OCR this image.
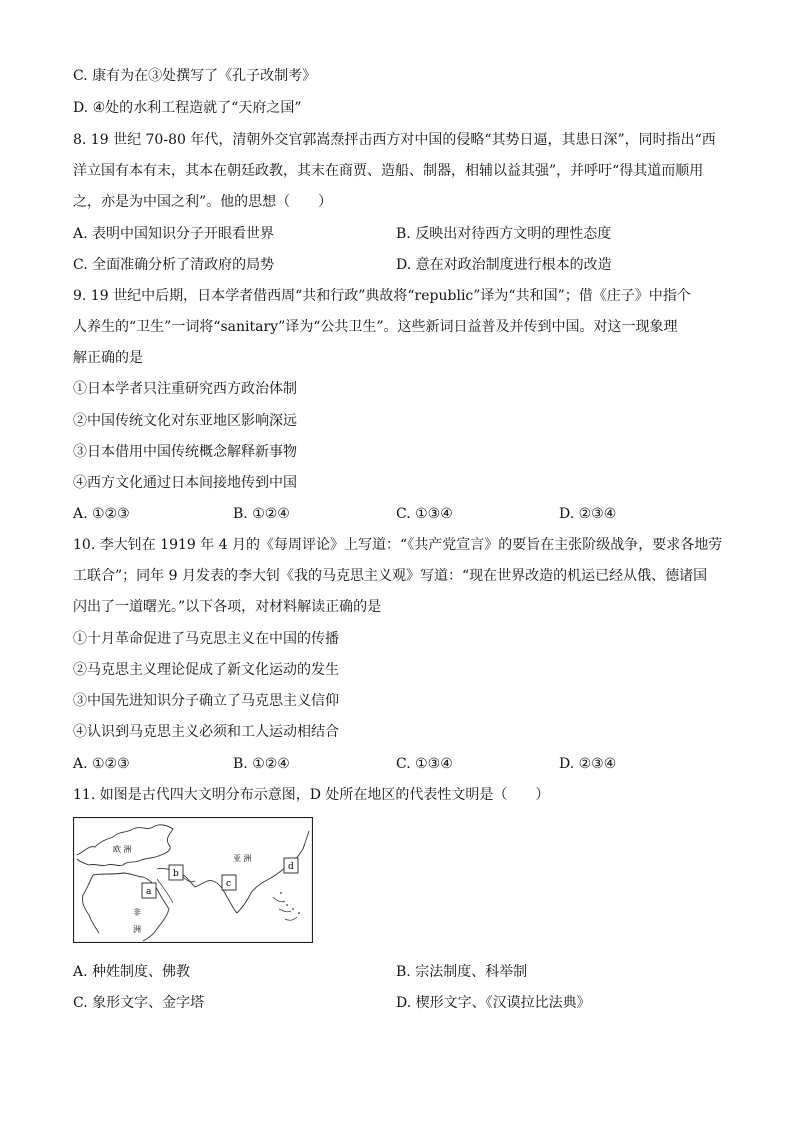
C. 康有为在③处撰写了《孔子改制考》
D. ④处的水利工程造就了“天府之国”
8. 19 世纪 70-80 年代，清朝外交官郭嵩焘抨击西方对中国的侵略“其势日逼，其患日深”，同时指出“西
洋立国有本有末，其本在朝廷政教，其末在商贾、造船、制器，相辅以益其强”，并呼吁“得其道而顺用
之，亦是为中国之利”。他的思想（　　）
A. 表明中国知识分子开眼看世界	B. 反映出对待西方文明的理性态度
C. 全面准确分析了清政府的局势	D. 意在对政治制度进行根本的改造
9. 19 世纪中后期，日本学者借西周“共和行政”典故将“republic”译为“共和国”；借《庄子》中指个
人养生的“卫生”一词将“sanitary”译为“公共卫生”。这些新词日益普及并传到中国。对这一现象理
解正确的是
①日本学者只注重研究西方政治体制
②中国传统文化对东亚地区影响深远
③日本借用中国传统概念解释新事物
④西方文化通过日本间接地传到中国
A. ①②③	B. ①②④	C. ①③④	D. ②③④
10. 李大钊在 1919 年 4 月的《每周评论》上写道：“《共产党宣言》的要旨在主张阶级战争，要求各地劳
工联合”；同年 9 月发表的李大钊《我的马克思主义观》写道：“现在世界改造的机运已经从俄、德诸国
闪出了一道曙光。”以下各项，对材料解读正确的是
①十月革命促进了马克思主义在中国的传播
②马克思主义理论促成了新文化运动的发生
③中国先进知识分子确立了马克思主义信仰
④认识到马克思主义必须和工人运动相结合
A. ①②③	B. ①②④	C. ①③④	D. ②③④
11. 如图是古代四大文明分布示意图，D 处所在地区的代表性文明是（　　）
欧 洲
亚 洲
非
洲
a
b
c
d
A. 种姓制度、佛教	B. 宗法制度、科举制
C. 象形文字、金字塔	D. 楔形文字、《汉谟拉比法典》
